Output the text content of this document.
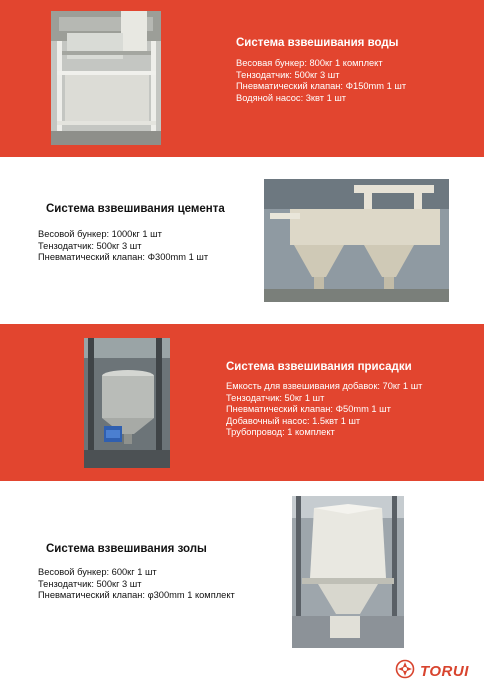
Система взвешивания воды
Весовая бункер: 800кг 1 комплект
Тензодатчик: 500кг 3 шт
Пневматический клапан: Φ150mm 1 шт
Водяной насос: 3квт 1 шт
Система взвешивания цемента
Весовой бункер: 1000кг 1 шт
Тензодатчик: 500кг 3 шт
Пневматический клапан: Φ300mm 1 шт
Система взвешивания присадки
Емкость для взвешивания добавок: 70кг 1 шт
Тензодатчик: 50кг 1 шт
Пневматический клапан: Φ50mm 1 шт
Добавочный насос: 1.5квт 1 шт
Трубопровод: 1 комплект
Система взвешивания золы
Весовой бункер: 600кг 1 шт
Тензодатчик: 500кг 3 шт
Пневматический клапан: φ300mm 1 комплект
TORUI
